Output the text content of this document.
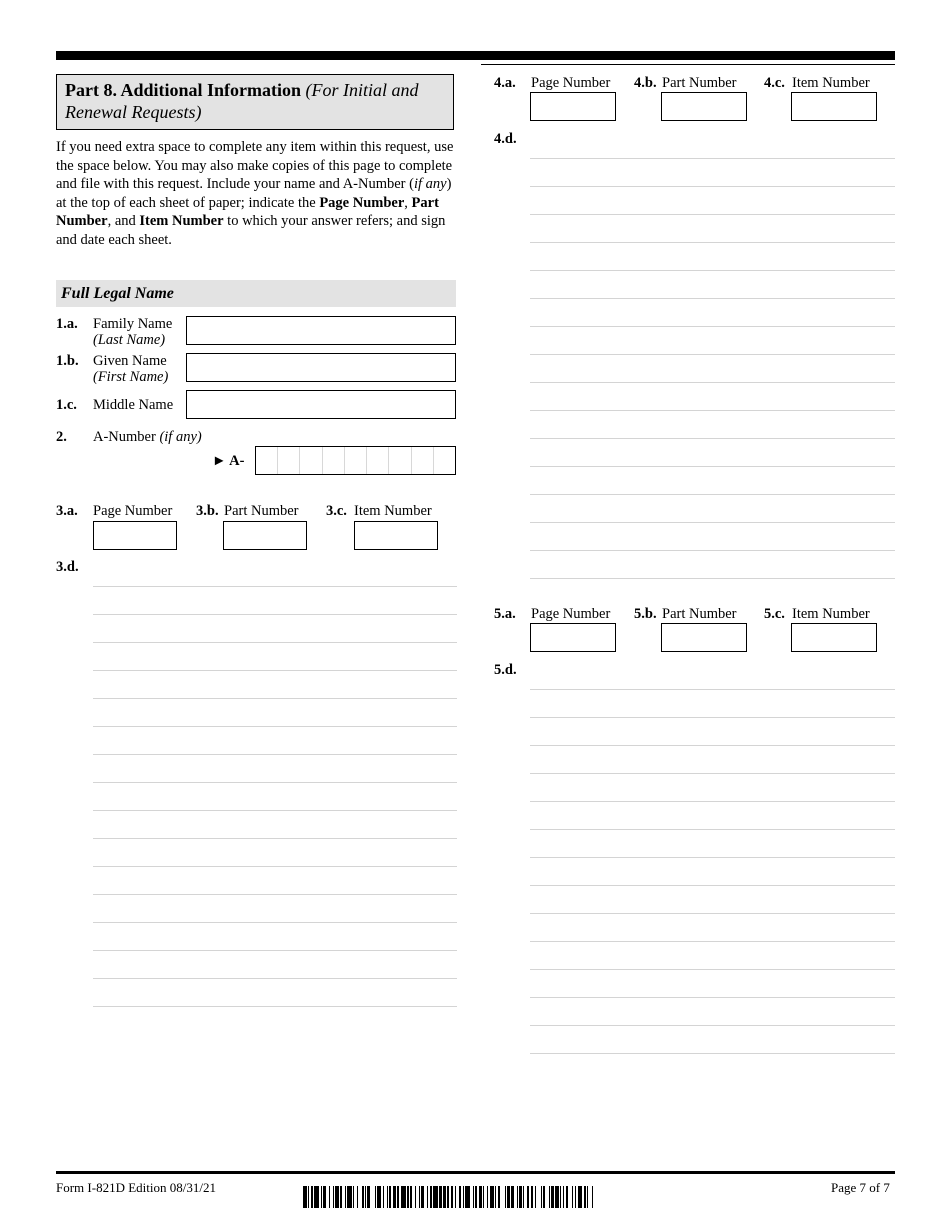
Part 8. Additional Information (For Initial and Renewal Requests)
If you need extra space to complete any item within this request, use the space below. You may also make copies of this page to complete and file with this request. Include your name and A-Number (if any) at the top of each sheet of paper; indicate the Page Number, Part Number, and Item Number to which your answer refers; and sign and date each sheet.
Full Legal Name
1.a. Family Name
(Last Name)
1.b. Given Name
(First Name)
1.c. Middle Name
2. A-Number (if any)
► A-
3.a. Page Number 3.b. Part Number 3.c. Item Number
3.d.
4.a. Page Number 4.b. Part Number 4.c. Item Number
4.d.
5.a. Page Number 5.b. Part Number 5.c. Item Number
5.d.
Form I-821D Edition 08/31/21	Page 7 of 7
